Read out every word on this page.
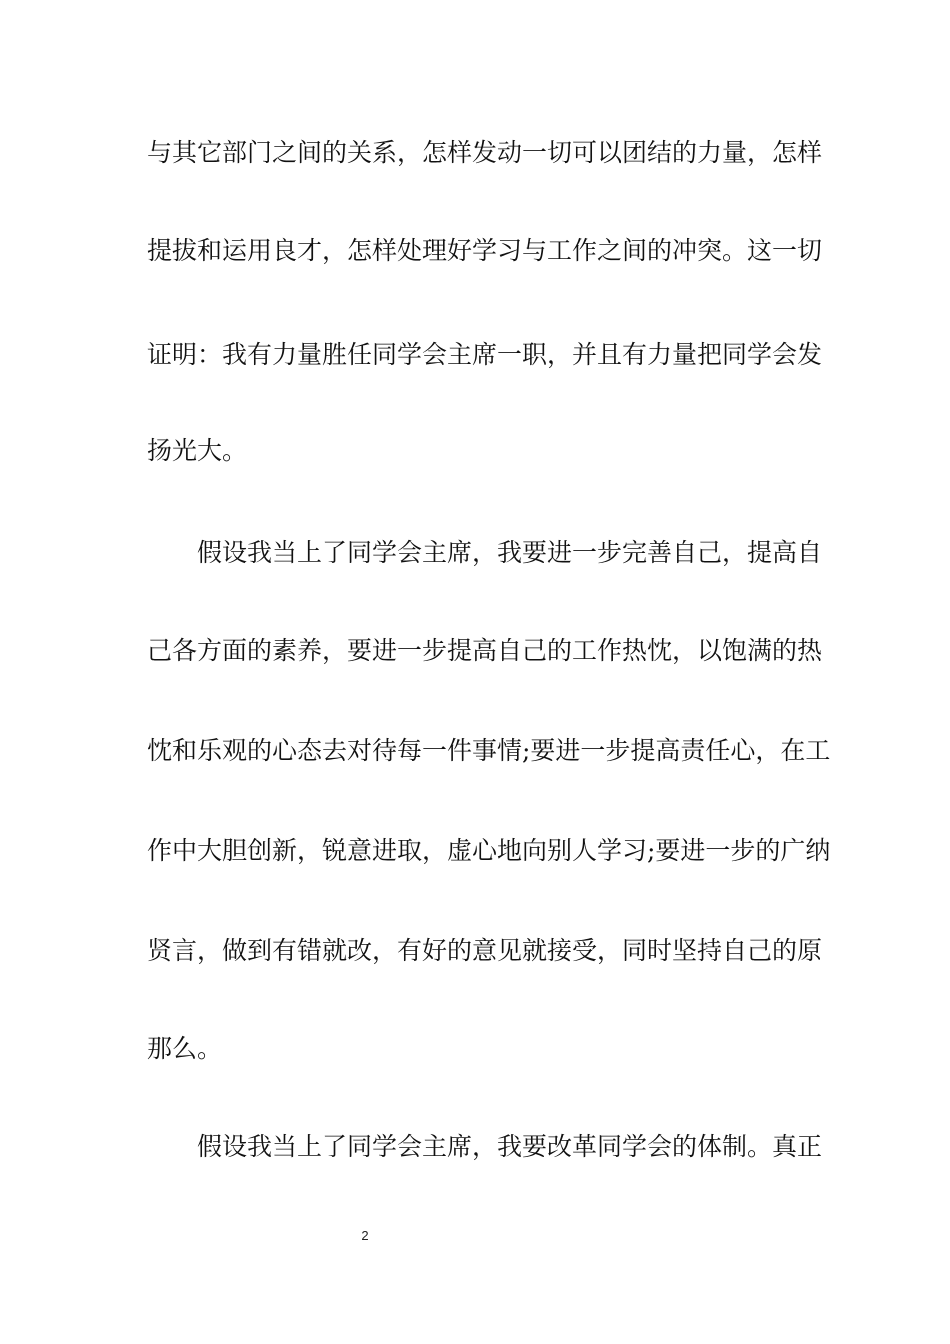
与其它部门之间的关系，怎样发动一切可以团结的力量，怎样
提拔和运用良才，怎样处理好学习与工作之间的冲突。这一切
证明：我有力量胜任同学会主席一职，并且有力量把同学会发
扬光大。
假设我当上了同学会主席，我要进一步完善自己，提高自
己各方面的素养，要进一步提高自己的工作热忱，以饱满的热
忱和乐观的心态去对待每一件事情;要进一步提高责任心，在工
作中大胆创新，锐意进取，虚心地向别人学习;要进一步的广纳
贤言，做到有错就改，有好的意见就接受，同时坚持自己的原
那么。
假设我当上了同学会主席，我要改革同学会的体制。真正
2
